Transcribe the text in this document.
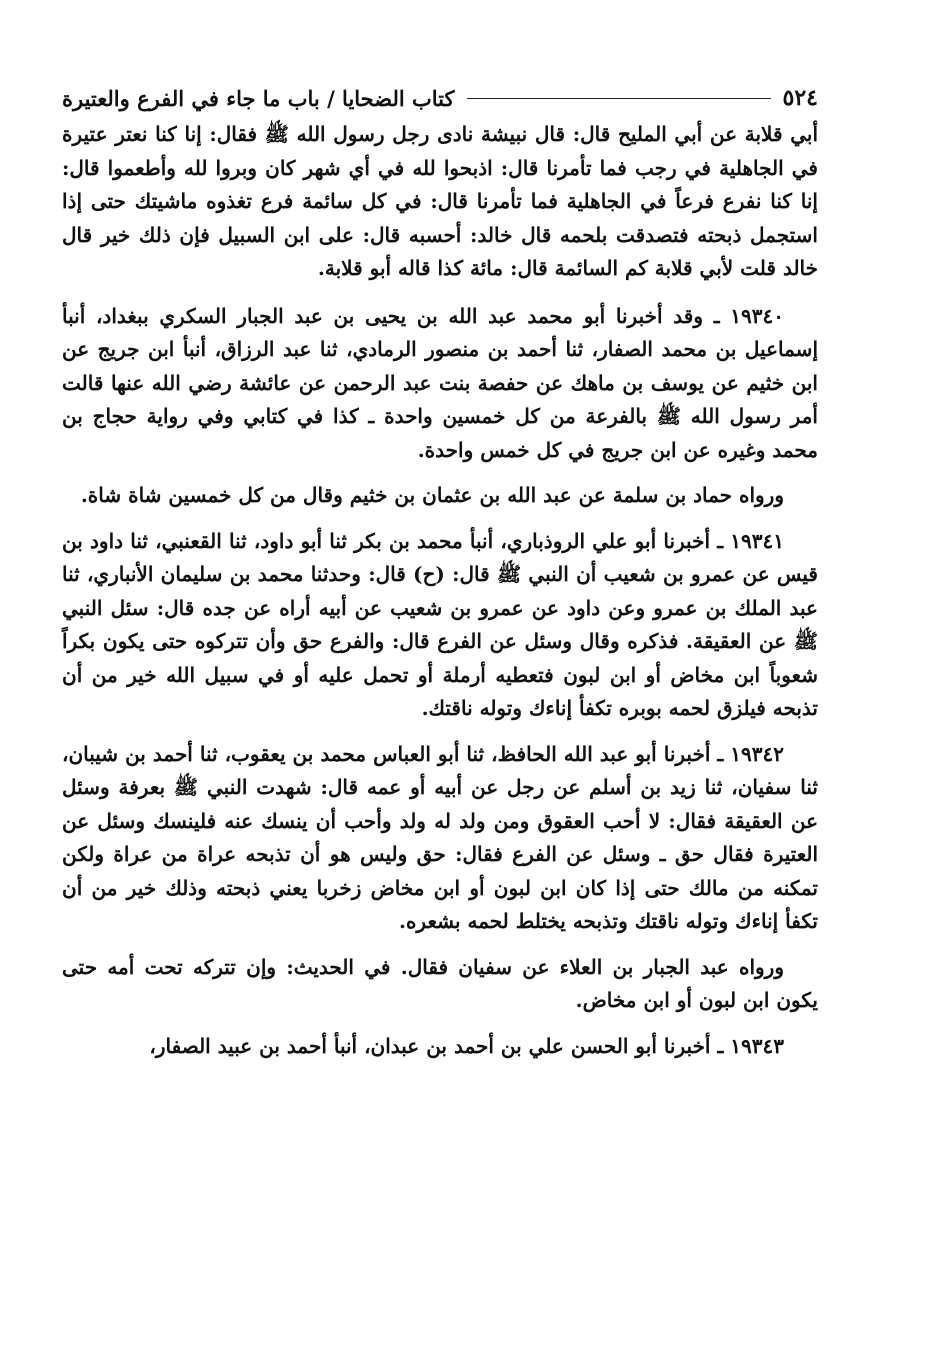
٥٢٤
كتاب الضحايا / باب ما جاء في الفرع والعتيرة

أبي قلابة عن أبي المليح قال: قال نبيشة نادى رجل رسول الله ﷺ فقال: إنا كنا نعتر عتيرة في الجاهلية في رجب فما تأمرنا قال: اذبحوا لله في أي شهر كان وبروا لله وأطعموا قال: إنا كنا نفرع فرعاً في الجاهلية فما تأمرنا قال: في كل سائمة فرع تغذوه ماشيتك حتى إذا استجمل ذبحته فتصدقت بلحمه قال خالد: أحسبه قال: على ابن السبيل فإن ذلك خير قال خالد قلت لأبي قلابة كم السائمة قال: مائة كذا قاله أبو قلابة.

١٩٣٤٠ ـ وقد أخبرنا أبو محمد عبد الله بن يحيى بن عبد الجبار السكري ببغداد، أنبأ إسماعيل بن محمد الصفار، ثنا أحمد بن منصور الرمادي، ثنا عبد الرزاق، أنبأ ابن جريج عن ابن خثيم عن يوسف بن ماهك عن حفصة بنت عبد الرحمن عن عائشة رضي الله عنها قالت أمر رسول الله ﷺ بالفرعة من كل خمسين واحدة ـ كذا في كتابي وفي رواية حجاج بن محمد وغيره عن ابن جريج في كل خمس واحدة.

ورواه حماد بن سلمة عن عبد الله بن عثمان بن خثيم وقال من كل خمسين شاة شاة.

١٩٣٤١ ـ أخبرنا أبو علي الروذباري، أنبأ محمد بن بكر ثنا أبو داود، ثنا القعنبي، ثنا داود بن قيس عن عمرو بن شعيب أن النبي ﷺ قال: (ح) قال: وحدثنا محمد بن سليمان الأنباري، ثنا عبد الملك بن عمرو وعن داود عن عمرو بن شعيب عن أبيه أراه عن جده قال: سئل النبي ﷺ عن العقيقة. فذكره وقال وسئل عن الفرع قال: والفرع حق وأن تتركوه حتى يكون بكراً شعوباً ابن مخاض أو ابن لبون فتعطيه أرملة أو تحمل عليه أو في سبيل الله خير من أن تذبحه فيلزق لحمه بوبره تكفأ إناءك وتوله ناقتك.

١٩٣٤٢ ـ أخبرنا أبو عبد الله الحافظ، ثنا أبو العباس محمد بن يعقوب، ثنا أحمد بن شيبان، ثنا سفيان، ثنا زيد بن أسلم عن رجل عن أبيه أو عمه قال: شهدت النبي ﷺ بعرفة وسئل عن العقيقة فقال: لا أحب العقوق ومن ولد له ولد وأحب أن ينسك عنه فلينسك وسئل عن العتيرة فقال حق ـ وسئل عن الفرع فقال: حق وليس هو أن تذبحه عراة من عراة ولكن تمكنه من مالك حتى إذا كان ابن لبون أو ابن مخاض زخربا يعني ذبحته وذلك خير من أن تكفأ إناءك وتوله ناقتك وتذبحه يختلط لحمه بشعره.

ورواه عبد الجبار بن العلاء عن سفيان فقال. في الحديث: وإن تتركه تحت أمه حتى يكون ابن لبون أو ابن مخاض.

١٩٣٤٣ ـ أخبرنا أبو الحسن علي بن أحمد بن عبدان، أنبأ أحمد بن عبيد الصفار،
